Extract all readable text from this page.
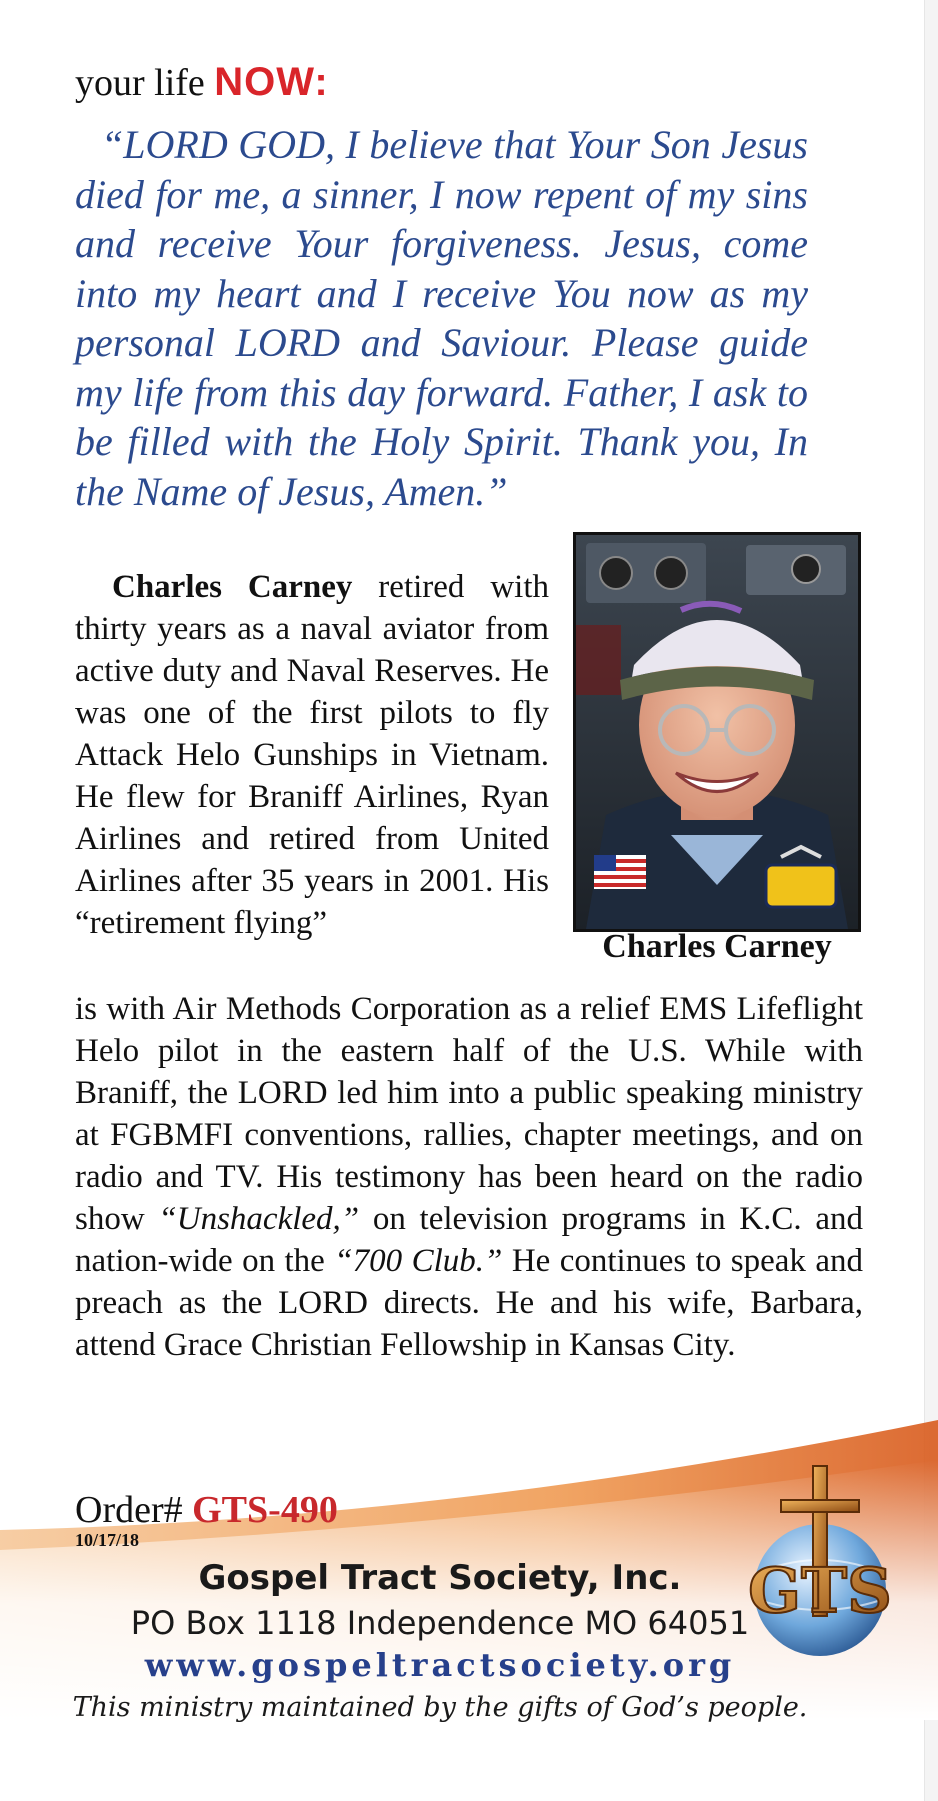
your life NOW:
“LORD GOD, I believe that Your Son Jesus died for me, a sinner, I now repent of my sins and receive Your forgiveness. Jesus, come into my heart and I receive You now as my personal LORD and Saviour. Please guide my life from this day forward. Father, I ask to be filled with the Holy Spirit. Thank you, In the Name of Jesus, Amen.”
Charles Carney
Charles Carney retired with thirty years as a naval aviator from active duty and Naval Reserves. He was one of the first pilots to fly Attack Helo Gunships in Vietnam. He flew for Braniff Airlines, Ryan Airlines and retired from United Airlines after 35 years in 2001. His “retirement flying”
is with Air Methods Corporation as a relief EMS Lifeflight Helo pilot in the eastern half of the U.S. While with Braniff, the LORD led him into a public speaking ministry at FGBMFI conventions, rallies, chapter meetings, and on radio and TV. His testimony has been heard on the radio show “Unshackled,” on television programs in K.C. and nation-wide on the “700 Club.” He continues to speak and preach as the LORD directs. He and his wife, Barbara, attend Grace Christian Fellowship in Kansas City.
Order# GTS-490
10/17/18
Gospel Tract Society, Inc.
PO Box 1118 Independence MO 64051
www.gospeltractsociety.org
This ministry maintained by the gifts of God’s people.
GTS
